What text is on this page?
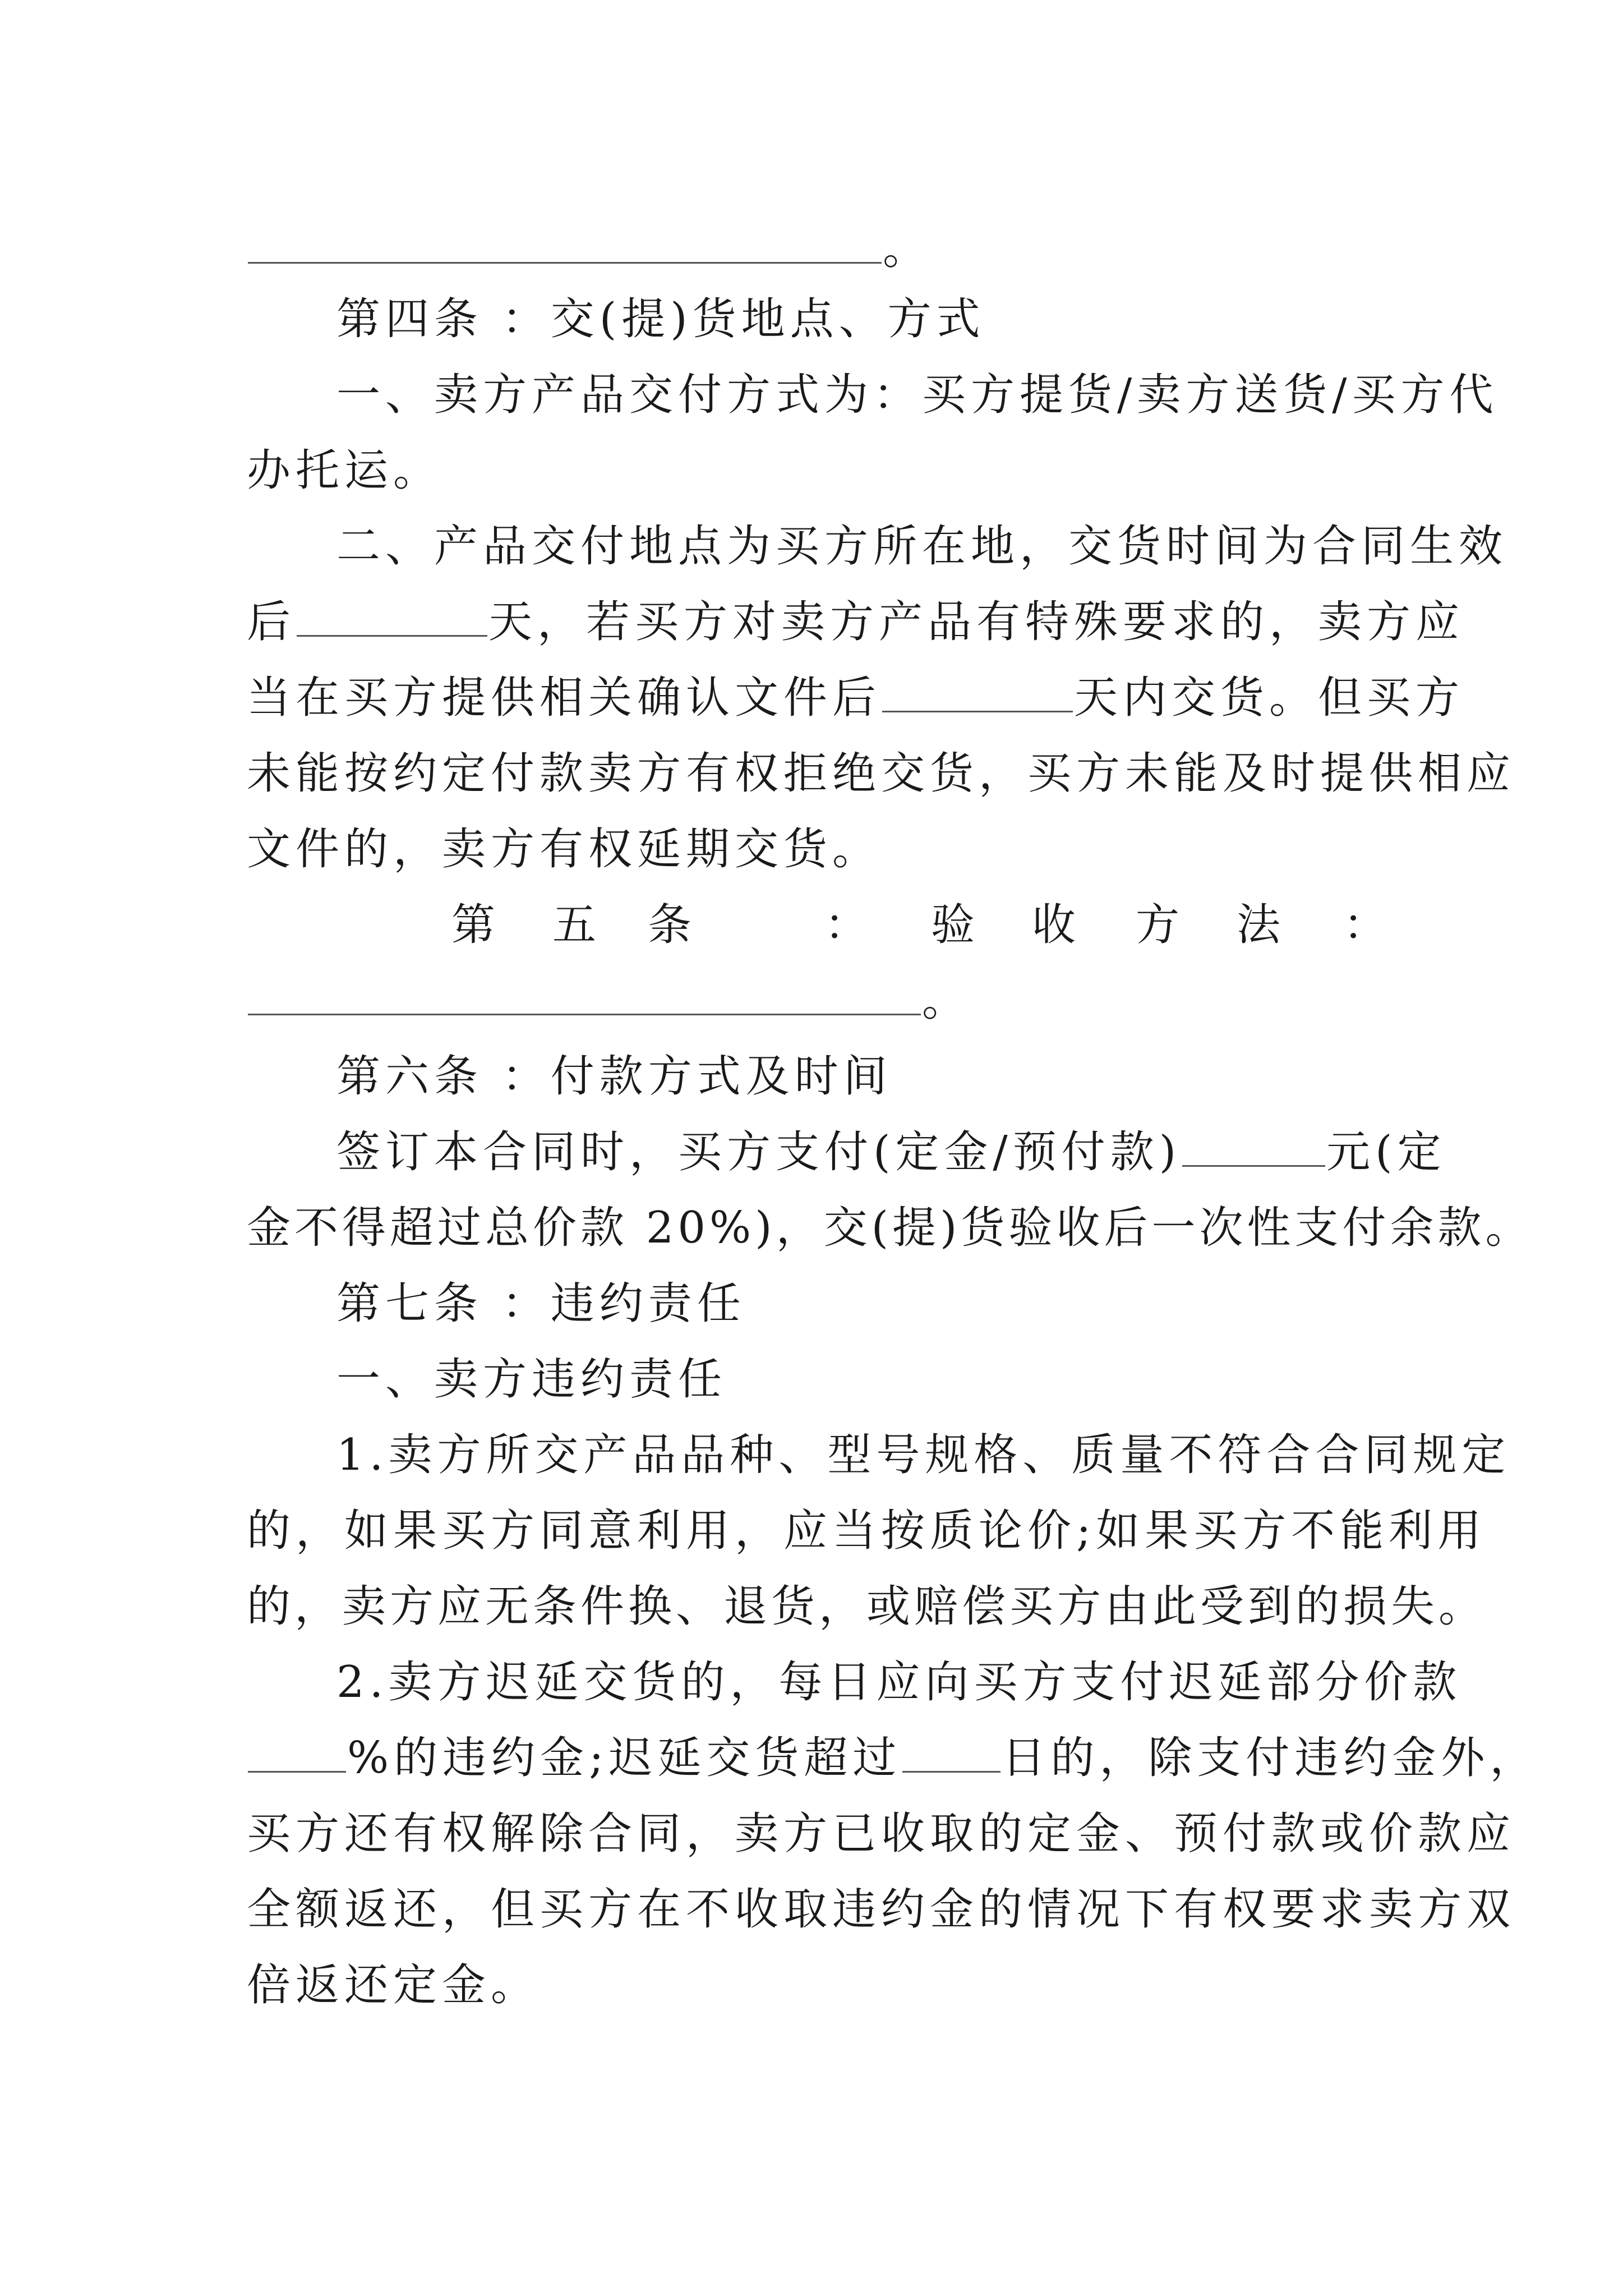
。
第四条 ：交(提)货地点、方式
一、卖方产品交付方式为：买方提货/卖方送货/买方代
办托运。
二、产品交付地点为买方所在地，交货时间为合同生效
后	天，若买方对卖方产品有特殊要求的，卖方应
当在买方提供相关确认文件后	天内交货。但买方
未能按约定付款卖方有权拒绝交货，买方未能及时提供相应
文件的，卖方有权延期交货。
第 五 条	： 验 收 方 法 ：
。
第六条 ：付款方式及时间
签订本合同时，买方支付(定金/预付款)	元(定
金不得超过总价款 20%)，交(提)货验收后一次性支付余款。
第七条 ：违约责任
一、卖方违约责任
1.卖方所交产品品种、型号规格、质量不符合合同规定
的，如果买方同意利用，应当按质论价;如果买方不能利用
的，卖方应无条件换、退货，或赔偿买方由此受到的损失。
2.卖方迟延交货的，每日应向买方支付迟延部分价款
%的违约金;迟延交货超过 日的，除支付违约金外，
买方还有权解除合同，卖方已收取的定金、预付款或价款应
全额返还，但买方在不收取违约金的情况下有权要求卖方双
倍返还定金。
